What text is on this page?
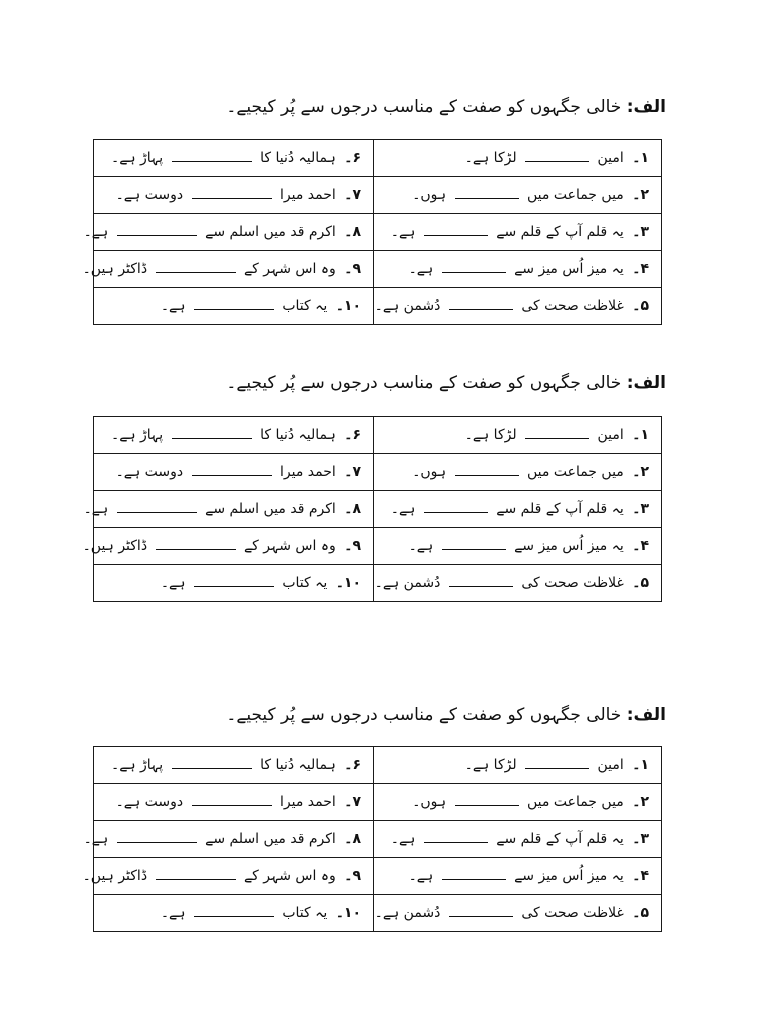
الف: خالی جگہوں کو صفت کے مناسب درجوں سے پُر کیجیے۔
۱۔ امین  لڑکا ہے۔	۶۔ ہمالیہ دُنیا کا  پہاڑ ہے۔
۲۔ میں جماعت میں  ہوں۔	۷۔ احمد میرا  دوست ہے۔
۳۔ یہ قلم آپ کے قلم سے  ہے۔	۸۔ اکرم قد میں اسلم سے  ہے۔
۴۔ یہ میز اُس میز سے  ہے۔	۹۔ وہ اس شہر کے  ڈاکٹر ہیں۔
۵۔ غلاظت صحت کی  دُشمن ہے۔	۱۰۔ یہ کتاب  ہے۔
الف: خالی جگہوں کو صفت کے مناسب درجوں سے پُر کیجیے۔
۱۔ امین  لڑکا ہے۔	۶۔ ہمالیہ دُنیا کا  پہاڑ ہے۔
۲۔ میں جماعت میں  ہوں۔	۷۔ احمد میرا  دوست ہے۔
۳۔ یہ قلم آپ کے قلم سے  ہے۔	۸۔ اکرم قد میں اسلم سے  ہے۔
۴۔ یہ میز اُس میز سے  ہے۔	۹۔ وہ اس شہر کے  ڈاکٹر ہیں۔
۵۔ غلاظت صحت کی  دُشمن ہے۔	۱۰۔ یہ کتاب  ہے۔
الف: خالی جگہوں کو صفت کے مناسب درجوں سے پُر کیجیے۔
۱۔ امین  لڑکا ہے۔	۶۔ ہمالیہ دُنیا کا  پہاڑ ہے۔
۲۔ میں جماعت میں  ہوں۔	۷۔ احمد میرا  دوست ہے۔
۳۔ یہ قلم آپ کے قلم سے  ہے۔	۸۔ اکرم قد میں اسلم سے  ہے۔
۴۔ یہ میز اُس میز سے  ہے۔	۹۔ وہ اس شہر کے  ڈاکٹر ہیں۔
۵۔ غلاظت صحت کی  دُشمن ہے۔	۱۰۔ یہ کتاب  ہے۔
